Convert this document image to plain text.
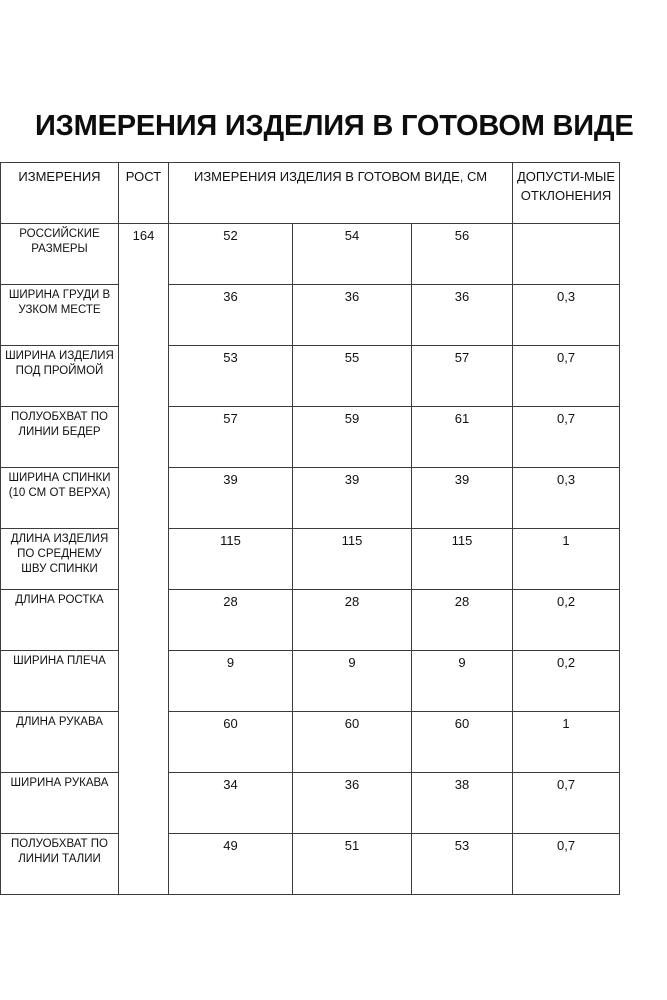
ИЗМЕРЕНИЯ ИЗДЕЛИЯ В ГОТОВОМ ВИДЕ
ИЗМЕРЕНИЯ	РОСТ	ИЗМЕРЕНИЯ ИЗДЕЛИЯ В ГОТОВОМ ВИДЕ, СМ			ДОПУСТИ-МЫЕ ОТКЛОНЕНИЯ
РОССИЙСКИЕ РАЗМЕРЫ	164	52	54	56	
ШИРИНА ГРУДИ В УЗКОМ МЕСТЕ		36	36	36	0,3
ШИРИНА ИЗДЕЛИЯ ПОД ПРОЙМОЙ		53	55	57	0,7
ПОЛУОБХВАТ ПО ЛИНИИ БЕДЕР		57	59	61	0,7
ШИРИНА СПИНКИ (10 СМ ОТ ВЕРХА)		39	39	39	0,3
ДЛИНА ИЗДЕЛИЯ ПО СРЕДНЕМУ ШВУ СПИНКИ		115	115	115	1
ДЛИНА РОСТКА		28	28	28	0,2
ШИРИНА ПЛЕЧА		9	9	9	0,2
ДЛИНА РУКАВА		60	60	60	1
ШИРИНА РУКАВА		34	36	38	0,7
ПОЛУОБХВАТ ПО ЛИНИИ ТАЛИИ		49	51	53	0,7
